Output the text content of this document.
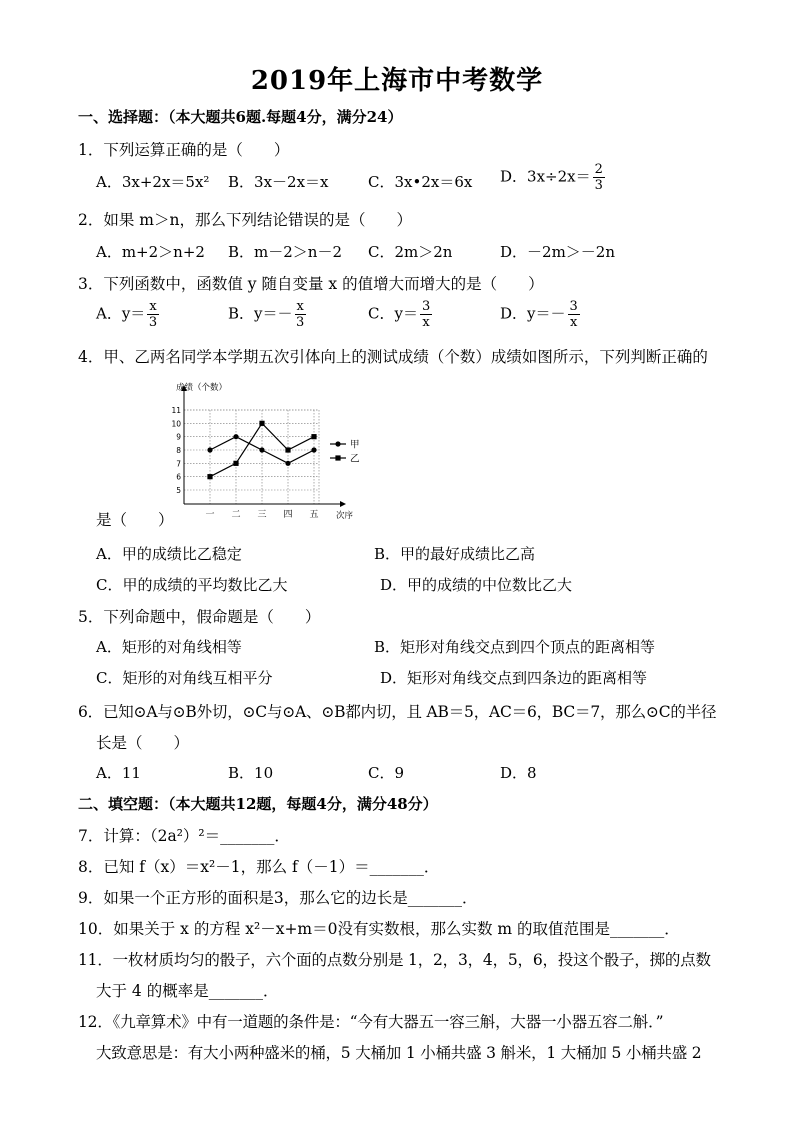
2019年上海市中考数学
一、选择题：（本大题共6题.每题4分，满分24）
1．下列运算正确的是（　　）
A．3x+2x＝5x² B．3x－2x＝x	C．3x•2x＝6x D．$3x\div 2x= \frac{2}{3}$
2．如果 m＞n，那么下列结论错误的是（　　）
A．m+2＞n+2 B．m－2＞n－2 C．2m＞2n	D．－2m＞－2n
3．下列函数中，函数值 y 随自变量 x 的值增大而增大的是（　　）
A．$y= \frac{x}{3}$	B．$y=- \frac{x}{3}$	C．$y= \frac{3}{x}$	D．$y=- \frac{3}{x}$
4．甲、乙两名同学本学期五次引体向上的测试成绩（个数）成绩如图所示，下列判断正确的
成绩（个数）
次序
5
6
7
8
9
10
11
一 二 三 四 五
甲
乙
是（　　）
A．甲的成绩比乙稳定	B．甲的最好成绩比乙高
C．甲的成绩的平均数比乙大	D．甲的成绩的中位数比乙大
5．下列命题中，假命题是（　　）
A．矩形的对角线相等	B．矩形对角线交点到四个顶点的距离相等
C．矩形的对角线互相平分	D．矩形对角线交点到四条边的距离相等
6．已知⊙A与⊙B外切，⊙C与⊙A、⊙B都内切，且 AB＝5，AC＝6，BC＝7，那么⊙C的半径
长是（　　）
A．11	B．10	C．9	D．8
二、填空题：（本大题共12题，每题4分，满分48分）
7．计算：（2a²）²＝_______．
8．已知 f（x）＝x²－1，那么 f（－1）＝_______．
9．如果一个正方形的面积是3，那么它的边长是_______．
10．如果关于 x 的方程 x²－x+m＝0没有实数根，那么实数 m 的取值范围是_______．
11．一枚材质均匀的骰子，六个面的点数分别是 1，2，3，4，5，6，投这个骰子，掷的点数
大于 4 的概率是_______．
12．《九章算术》中有一道题的条件是：“今有大器五一容三斛，大器一小器五容二斛．”
大致意思是：有大小两种盛米的桶，5 大桶加 1 小桶共盛 3 斛米，1 大桶加 5 小桶共盛 2
